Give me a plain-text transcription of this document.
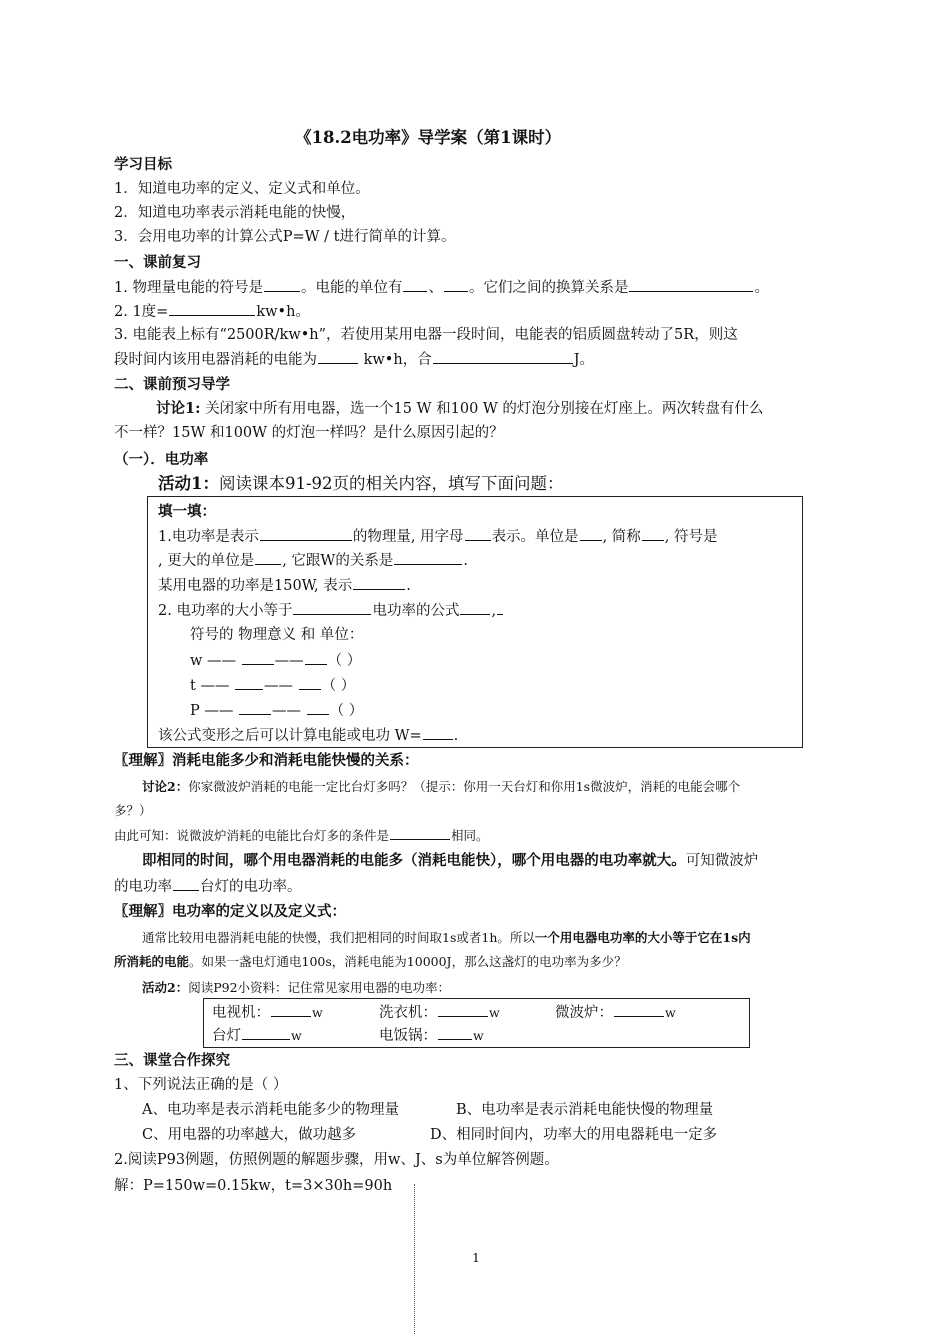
《18.2电功率》导学案（第1课时）
学习目标
1．知道电功率的定义、定义式和单位。
2．知道电功率表示消耗电能的快慢，
3．会用电功率的计算公式P=W / t进行简单的计算。
一、课前复习
1. 物理量电能的符号是	。电能的单位有 、 。它们之间的换算关系是	。
2. 1度=	kw•h。
3. 电能表上标有“2500R/kw•h”，若使用某用电器一段时间，电能表的铝质圆盘转动了5R，则这
段时间内该用电器消耗的电能为	kw•h，合	J。
二、课前预习导学
讨论1: 关闭家中所有用电器，选一个15 W 和100 W 的灯泡分别接在灯座上。两次转盘有什么
不一样？15W 和100W 的灯泡一样吗？是什么原因引起的？
（一）．电功率
活动1：阅读课本91-92页的相关内容，填写下面问题：
填一填：
1.电功率是表示	的物理量, 用字母 表示。单位是 , 简称 , 符号是
, 更大的单位是 , 它跟W的关系是	.
某用电器的功率是150W, 表示	.
2. 电功率的大小等于	电功率的公式 ,
符号的 物理意义 和 单位：
w ——	—— （ ）
t —— —— （ ）
P ——	—— （ ）
该公式变形之后可以计算电能或电功 W= .
〖理解〗消耗电能多少和消耗电能快慢的关系：
讨论2：你家微波炉消耗的电能一定比台灯多吗？（提示：你用一天台灯和你用1s微波炉，消耗的电能会哪个
多？）
由此可知：说微波炉消耗的电能比台灯多的条件是	相同。
即相同的时间，哪个用电器消耗的电能多（消耗电能快），哪个用电器的电功率就大。可知微波炉
的电功率 台灯的电功率。
〖理解〗电功率的定义以及定义式：
通常比较用电器消耗电能的快慢，我们把相同的时间取1s或者1h。所以一个用电器电功率的大小等于它在1s内
所消耗的电能。如果一盏电灯通电100s，消耗电能为10000J，那么这盏灯的电功率为多少？
活动2：阅读P92小资料：记住常见家用电器的电功率：
电视机：	w	洗衣机：	w	微波炉：	w
台灯	w	电饭锅：	w
三、课堂合作探究
1、下列说法正确的是（ ）
A、电功率是表示消耗电能多少的物理量	B、电功率是表示消耗电能快慢的物理量
C、用电器的功率越大，做功越多	D、相同时间内，功率大的用电器耗电一定多
2.阅读P93例题，仿照例题的解题步骤，用w、J、s为单位解答例题。
解：P=150w=0.15kw，t=3×30h=90h
1
